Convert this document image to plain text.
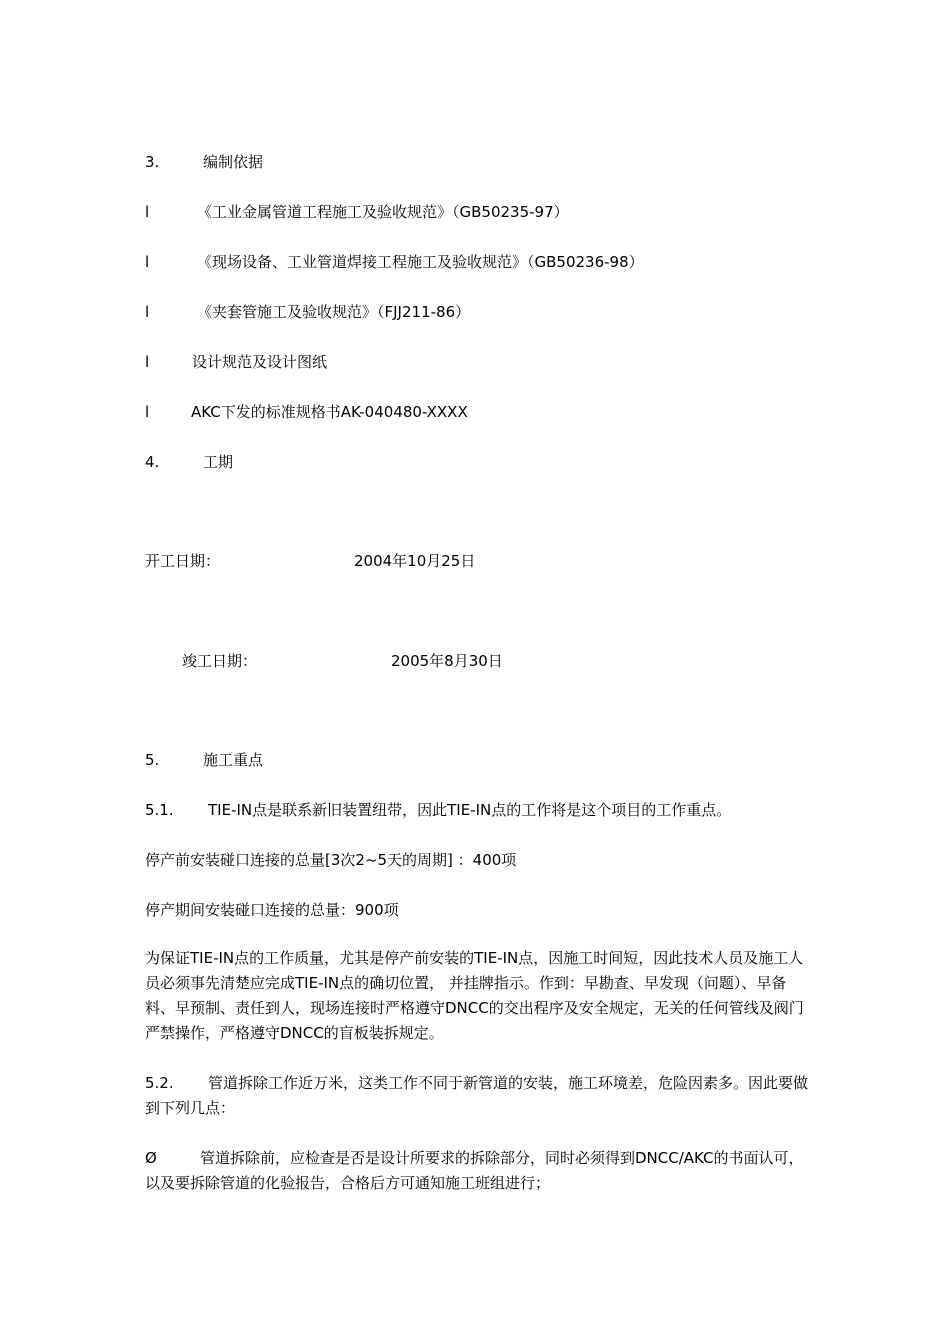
3.	编制依据
l	《工业金属管道工程施工及验收规范》（GB50235-97）
l	《现场设备、工业管道焊接工程施工及验收规范》（GB50236-98）
l	《夹套管施工及验收规范》（FJJ211-86）
l	设计规范及设计图纸
l	AKC下发的标准规格书AK-040480-XXXX
4.	工期
开工日期：	2004年10月25日
竣工日期：	2005年8月30日
5.	施工重点
5.1. TIE-IN点是联系新旧装置纽带，因此TIE-IN点的工作将是这个项目的工作重点。
停产前安装碰口连接的总量[3次2~5天的周期] ：400项
停产期间安装碰口连接的总量：900项
为保证TIE-IN点的工作质量，尤其是停产前安装的TIE-IN点，因施工时间短，因此技术人员及施工人员必须事先清楚应完成TIE-IN点的确切位置， 并挂牌指示。作到：早勘查、早发现（问题）、早备料、早预制、责任到人，现场连接时严格遵守DNCC的交出程序及安全规定，无关的任何管线及阀门严禁操作，严格遵守DNCC的盲板装拆规定。
5.2. 管道拆除工作近万米，这类工作不同于新管道的安装，施工环境差，危险因素多。因此要做到下列几点：
Ø	管道拆除前，应检查是否是设计所要求的拆除部分，同时必须得到DNCC/AKC的书面认可，以及要拆除管道的化验报告，合格后方可通知施工班组进行；
